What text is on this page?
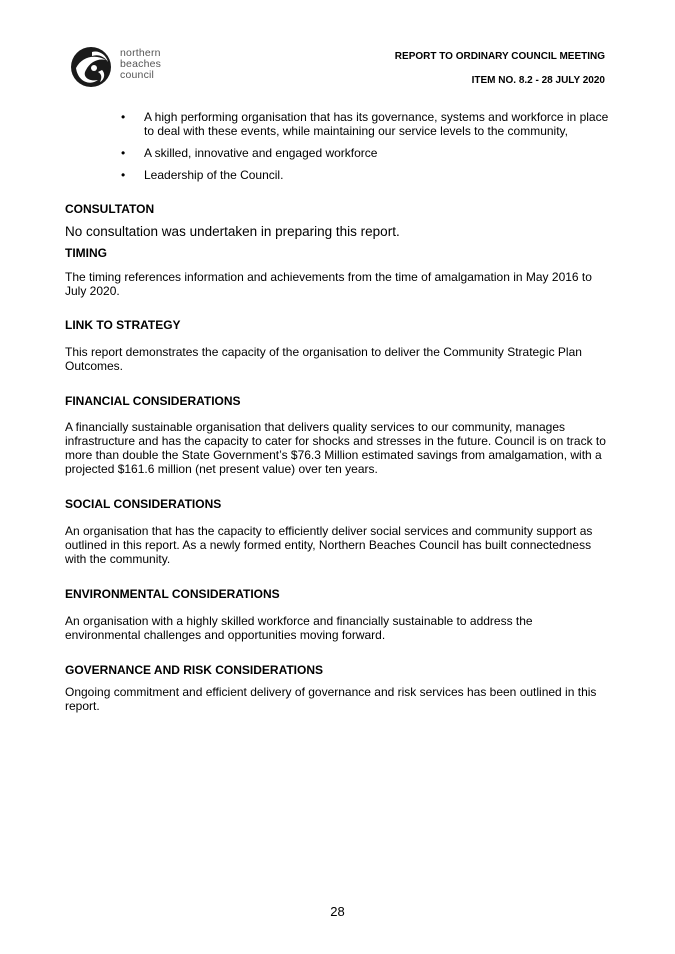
northern
beaches
council
REPORT TO ORDINARY COUNCIL MEETING
ITEM NO. 8.2 - 28 JULY 2020
• A high performing organisation that has its governance, systems and workforce in place to deal with these events, while maintaining our service levels to the community,
• A skilled, innovative and engaged workforce
• Leadership of the Council.
CONSULTATON

No consultation was undertaken in preparing this report.

TIMING

The timing references information and achievements from the time of amalgamation in May 2016 to July 2020.

LINK TO STRATEGY

This report demonstrates the capacity of the organisation to deliver the Community Strategic Plan Outcomes.

FINANCIAL CONSIDERATIONS

A financially sustainable organisation that delivers quality services to our community, manages infrastructure and has the capacity to cater for shocks and stresses in the future. Council is on track to more than double the State Government’s $76.3 Million estimated savings from amalgamation, with a projected $161.6 million (net present value) over ten years.

SOCIAL CONSIDERATIONS

An organisation that has the capacity to efficiently deliver social services and community support as outlined in this report. As a newly formed entity, Northern Beaches Council has built connectedness with the community.

ENVIRONMENTAL CONSIDERATIONS

An organisation with a highly skilled workforce and financially sustainable to address the environmental challenges and opportunities moving forward.

GOVERNANCE AND RISK CONSIDERATIONS

Ongoing commitment and efficient delivery of governance and risk services has been outlined in this report.

28
